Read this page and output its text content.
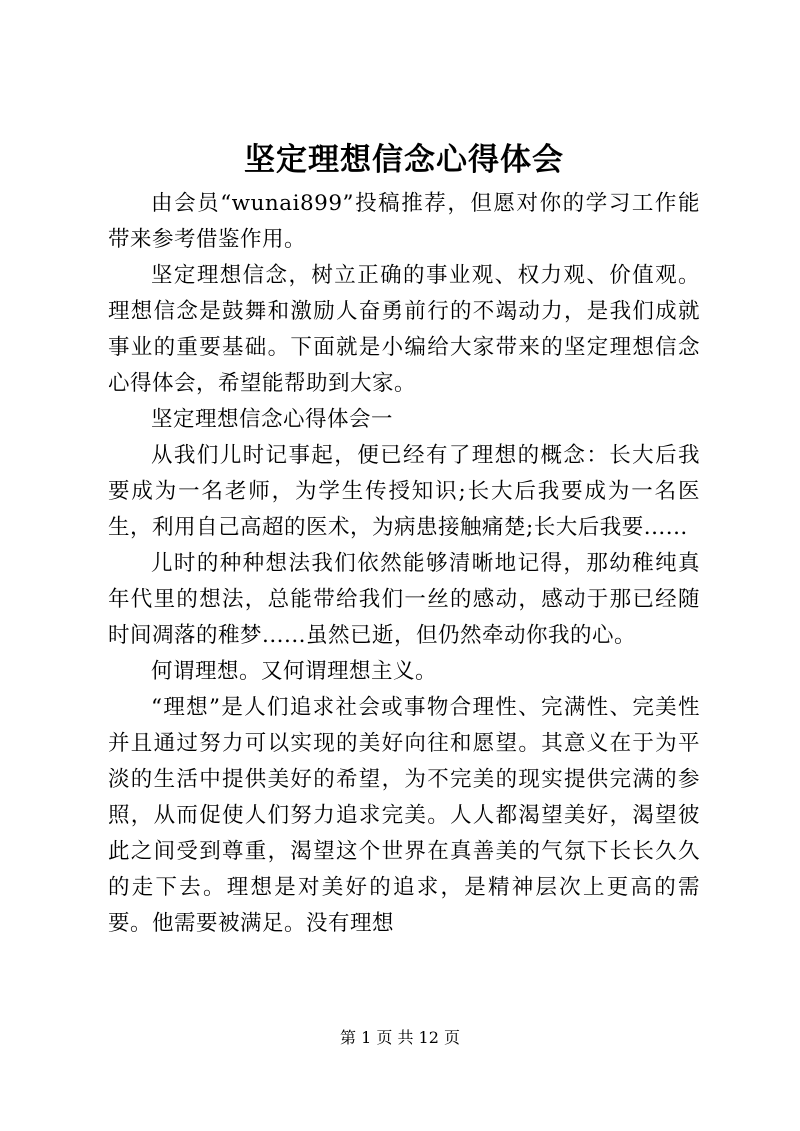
坚定理想信念心得体会

由会员“wunai899”投稿推荐，但愿对你的学习工作能带来参考借鉴作用。

坚定理想信念，树立正确的事业观、权力观、价值观。理想信念是鼓舞和激励人奋勇前行的不竭动力，是我们成就事业的重要基础。下面就是小编给大家带来的坚定理想信念心得体会，希望能帮助到大家。

坚定理想信念心得体会一

从我们儿时记事起，便已经有了理想的概念：长大后我要成为一名老师，为学生传授知识;长大后我要成为一名医生，利用自己高超的医术，为病患接触痛楚;长大后我要......

儿时的种种想法我们依然能够清晰地记得，那幼稚纯真年代里的想法，总能带给我们一丝的感动，感动于那已经随时间凋落的稚梦......虽然已逝，但仍然牵动你我的心。

何谓理想。又何谓理想主义。

“理想”是人们追求社会或事物合理性、完满性、完美性并且通过努力可以实现的美好向往和愿望。其意义在于为平淡的生活中提供美好的希望，为不完美的现实提供完满的参照，从而促使人们努力追求完美。人人都渴望美好，渴望彼此之间受到尊重，渴望这个世界在真善美的气氛下长长久久的走下去。理想是对美好的追求，是精神层次上更高的需要。他需要被满足。没有理想

第 1 页 共 12 页
